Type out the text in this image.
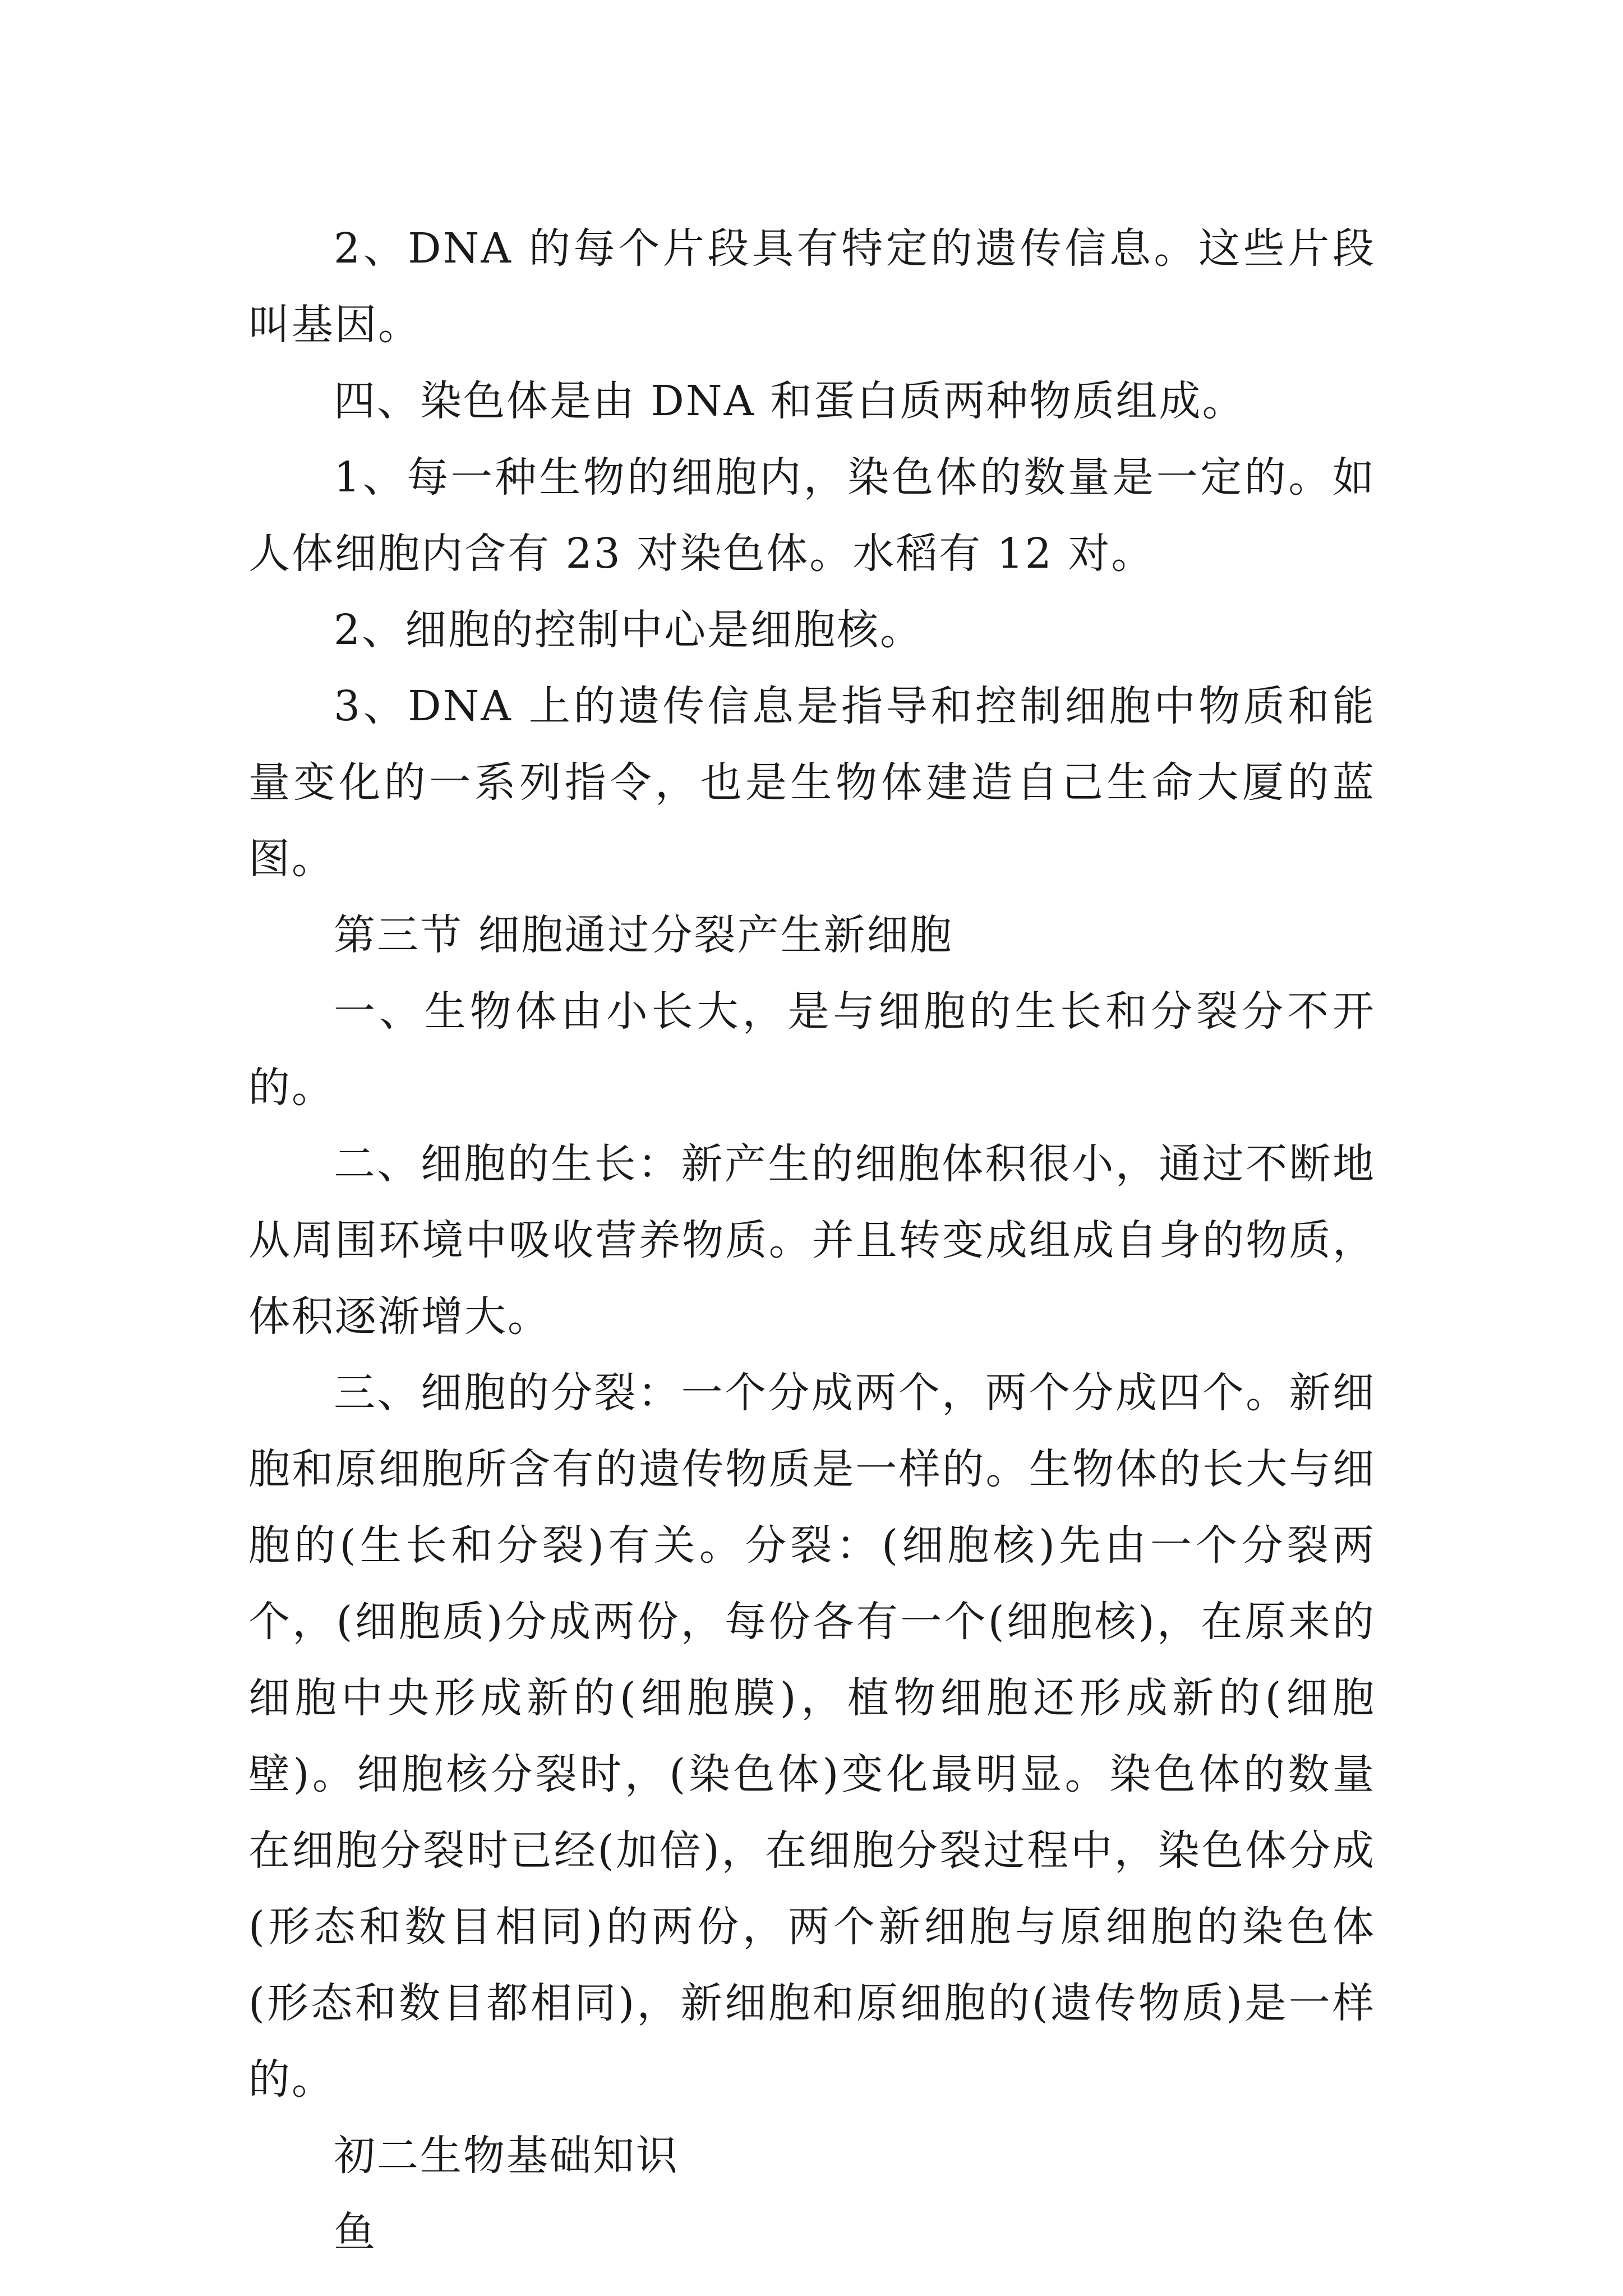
2、DNA 的每个片段具有特定的遗传信息。这些片段叫基因。

四、染色体是由 DNA 和蛋白质两种物质组成。

1、每一种生物的细胞内，染色体的数量是一定的。如人体细胞内含有 23 对染色体。水稻有 12 对。

2、细胞的控制中心是细胞核。

3、DNA 上的遗传信息是指导和控制细胞中物质和能量变化的一系列指令，也是生物体建造自己生命大厦的蓝图。

第三节 细胞通过分裂产生新细胞

一、生物体由小长大，是与细胞的生长和分裂分不开的。

二、细胞的生长：新产生的细胞体积很小，通过不断地从周围环境中吸收营养物质。并且转变成组成自身的物质，体积逐渐增大。

三、细胞的分裂：一个分成两个，两个分成四个。新细胞和原细胞所含有的遗传物质是一样的。生物体的长大与细胞的(生长和分裂)有关。分裂：(细胞核)先由一个分裂两个，(细胞质)分成两份，每份各有一个(细胞核)，在原来的细胞中央形成新的(细胞膜)，植物细胞还形成新的(细胞壁)。细胞核分裂时，(染色体)变化最明显。染色体的数量在细胞分裂时已经(加倍)，在细胞分裂过程中，染色体分成(形态和数目相同)的两份，两个新细胞与原细胞的染色体(形态和数目都相同)，新细胞和原细胞的(遗传物质)是一样的。

初二生物基础知识

鱼
